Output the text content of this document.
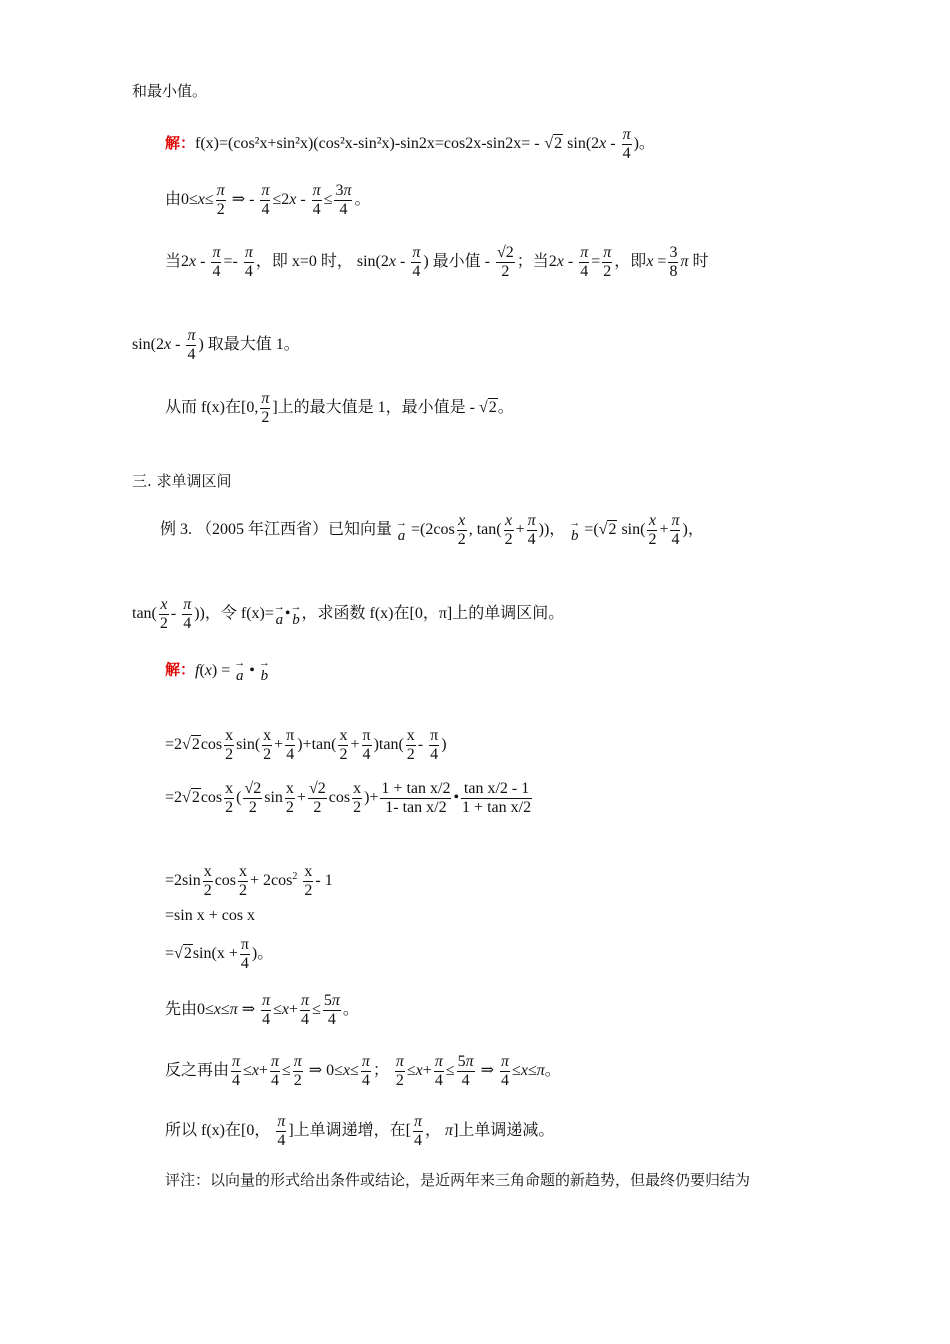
和最小值。
解：f(x)=(cos²x+sin²x)(cos²x-sin²x)-sin2x=cos2x-sin2x= - √2 $\sin(2x - \frac{\pi}{4}$ )。
由$0\le x\le \frac{\pi}{2}$ ⇒ - $\frac{\pi}{4} \le 2x - \frac{\pi}{4} \le \frac{3\pi}{4}$ 。
当$2x - \frac{\pi}{4} =- \frac{\pi}{4}$ ，即 x=0 时， $\sin(2x - \frac{\pi}{4}$ ) 最小值 - $\frac{√2}{2}$ ；当$2x - \frac{\pi}{4} = \frac{\pi}{2}$ ，即$x = \frac{3}{8}$ π 时
$\sin(2x - \frac{\pi}{4}$ ) 取最大值 1。
从而 f(x)在[0, $\frac{\pi}{2}$ ]上的最大值是 1，最小值是 - √2。
三. 求单调区间
例 3. （2005 年江西省）已知向量 →
$a =(2\cos \frac{x}{2}$ , $\tan( \frac{x}{2} + \frac{\pi}{4}$ ))， →
b =(√2 $\sin( \frac{x}{2} + \frac{\pi}{4}$ )，
$\tan( \frac{x}{2} - \frac{\pi}{4}$ ))，令 f(x)= →
a • →
b ，求函数 f(x)在[0，π]上的单调区间。
解：f(x) = →
a • →
b
$=2√2\cos \frac{x}{2} \sin( \frac{x}{2} + \frac{\pi}{4} )+\tan( \frac{x}{2} + \frac{\pi}{4} )\tan( \frac{x}{2} - \frac{\pi}{4}$ )
$=2√2\cos \frac{x}{2}$ ( $\frac{√2}{2}$ $\sin \frac{x}{2} + \frac{√2}{2}$ $\cos \frac{x}{2}$ )+ $\frac{\text{1 + tan x/2}}{\text{1- tan x/2}}$ • $\frac{\text{tan x/2 - 1}}{\text{1 + tan x/2}}$
$=2\sin \frac{x}{2}$ $\cos \frac{x}{2} + 2\cos^2 \frac{x}{2} - 1$
=sin x + cos x
$=√2\sin(x + \frac{\pi}{4}$ )。
先由0≤x≤π ⇒ $\frac{\pi}{4} \le x+ \frac{\pi}{4} \le \frac{5\pi}{4}$ 。
反之再由 $\frac{\pi}{4} \le x+ \frac{\pi}{4} \le \frac{\pi}{2}$ ⇒ $0\le x\le \frac{\pi}{4}$ ； $\frac{\pi}{2} \le x+ \frac{\pi}{4} \le \frac{5\pi}{4}$ ⇒ $\frac{\pi}{4} \le x\le\pi$。
所以 f(x)在[0， $\frac{\pi}{4}$ ]上单调递增，在[ $\frac{\pi}{4}$ ， π]上单调递减。
评注：以向量的形式给出条件或结论，是近两年来三角命题的新趋势，但最终仍要归结为
